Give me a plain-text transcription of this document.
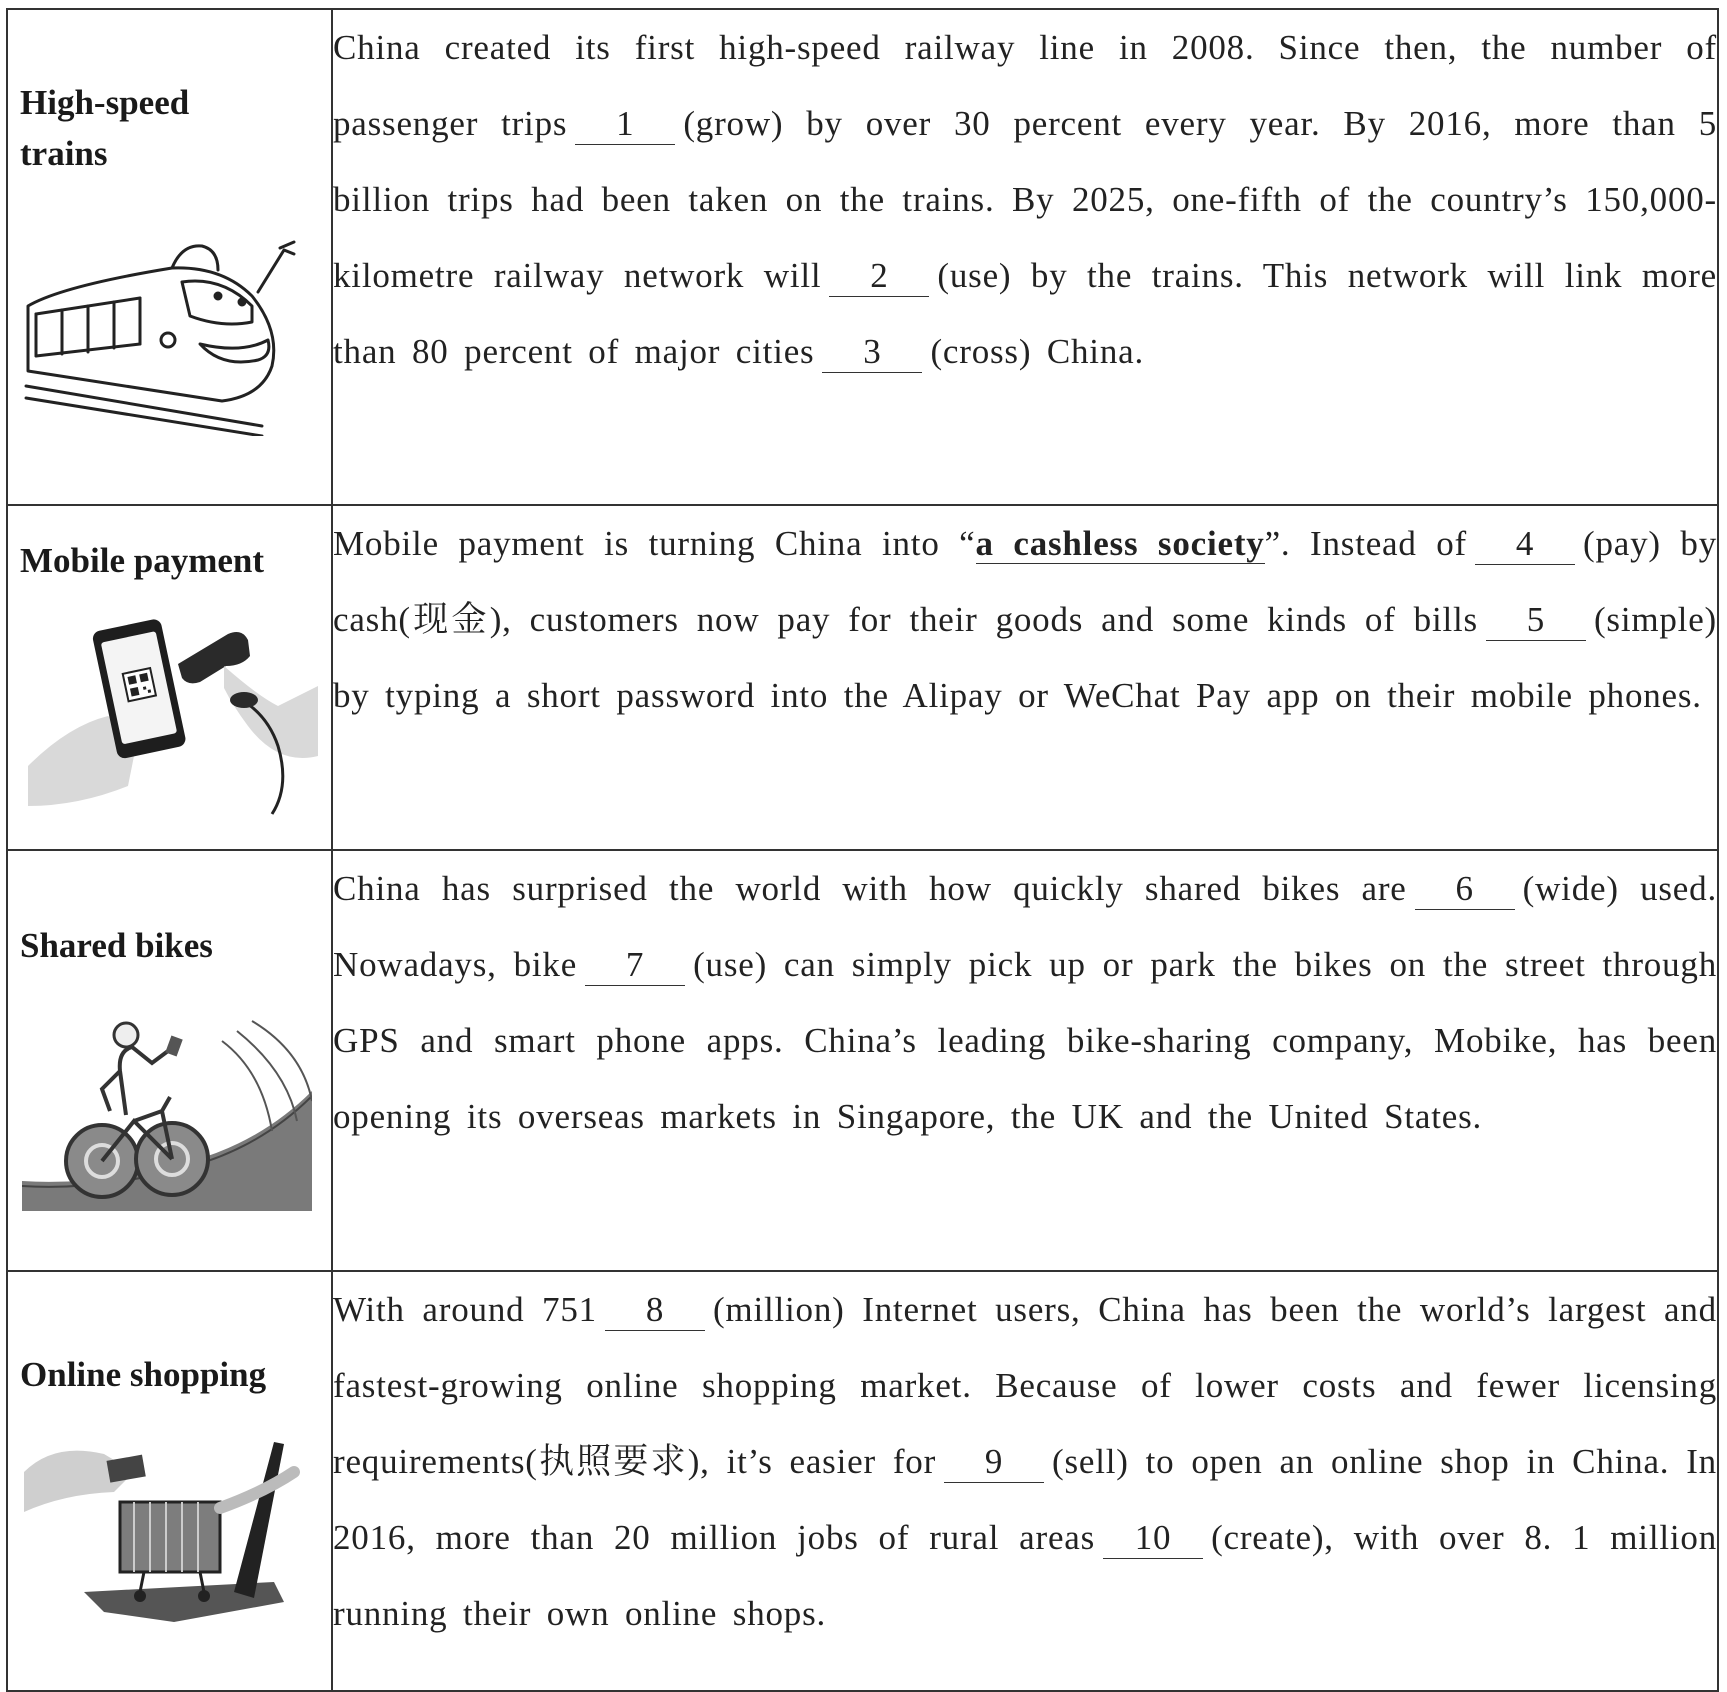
High-speed trains	China created its first high-speed railway line in 2008. Since then, the number of passenger trips 1 (grow) by over 30 percent every year. By 2016, more than 5 billion trips had been taken on the trains. By 2025, one-fifth of the country’s 150,000-kilometre railway network will 2 (use) by the trains. This network will link more than 80 percent of major cities 3 (cross) China.

Mobile payment	Mobile payment is turning China into “a cashless society”. Instead of 4 (pay) by cash(现金), customers now pay for their goods and some kinds of bills 5 (simple) by typing a short password into the Alipay or WeChat Pay app on their mobile phones.

Shared bikes	China has surprised the world with how quickly shared bikes are 6 (wide) used. Nowadays, bike 7 (use) can simply pick up or park the bikes on the street through GPS and smart phone apps. China’s leading bike-sharing company, Mobike, has been opening its overseas markets in Singapore, the UK and the United States.

Online shopping	With around 751 8 (million) Internet users, China has been the world’s largest and fastest-growing online shopping market. Because of lower costs and fewer licensing requirements(执照要求), it’s easier for 9 (sell) to open an online shop in China. In 2016, more than 20 million jobs of rural areas 10 (create), with over 8. 1 million running their own online shops.
